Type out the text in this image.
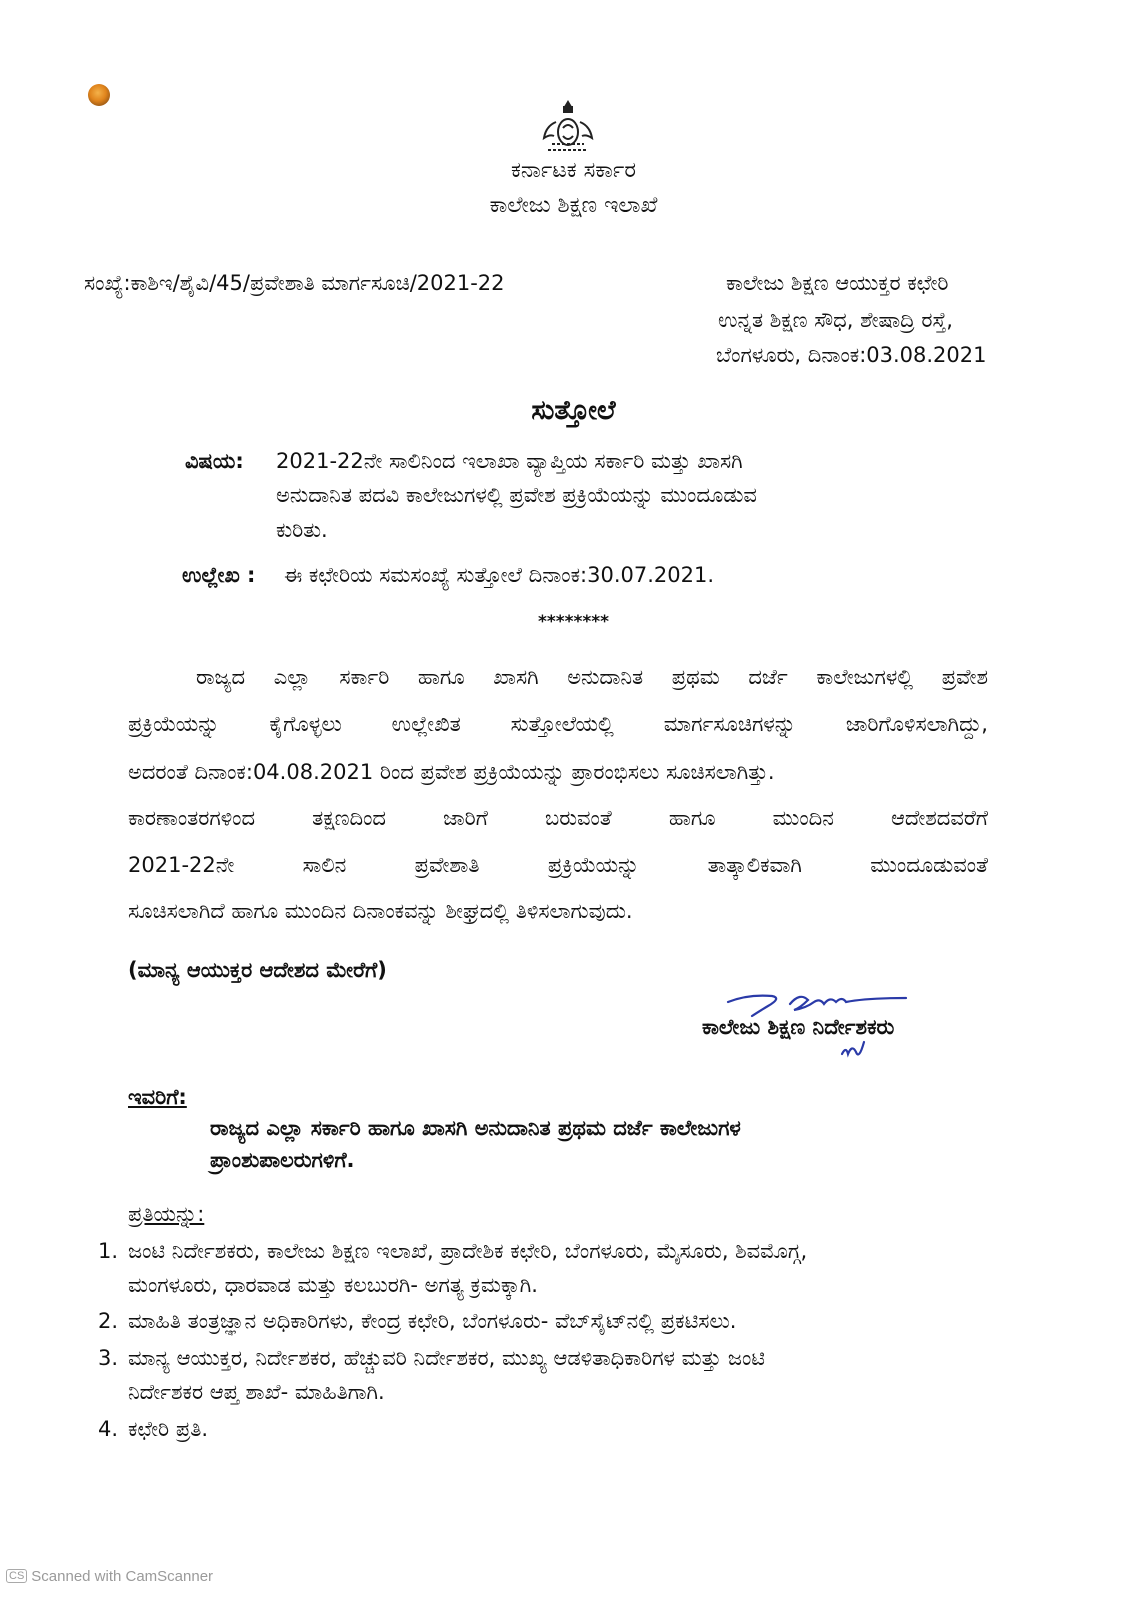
ಕರ್ನಾಟಕ ಸರ್ಕಾರ
ಕಾಲೇಜು ಶಿಕ್ಷಣ ಇಲಾಖೆ
ಸಂಖ್ಯೆ:ಕಾಶಿಇ/ಶೈವಿ/45/ಪ್ರವೇಶಾತಿ ಮಾರ್ಗಸೂಚಿ/2021-22	ಕಾಲೇಜು ಶಿಕ್ಷಣ ಆಯುಕ್ತರ ಕಛೇರಿ
ಉನ್ನತ ಶಿಕ್ಷಣ ಸೌಧ, ಶೇಷಾದ್ರಿ ರಸ್ತೆ,
ಬೆಂಗಳೂರು, ದಿನಾಂಕ:03.08.2021
ಸುತ್ತೋಲೆ
ವಿಷಯ: 2021-22ನೇ ಸಾಲಿನಿಂದ ಇಲಾಖಾ ವ್ಯಾಪ್ತಿಯ ಸರ್ಕಾರಿ ಮತ್ತು ಖಾಸಗಿ
ಅನುದಾನಿತ ಪದವಿ ಕಾಲೇಜುಗಳಲ್ಲಿ ಪ್ರವೇಶ ಪ್ರಕ್ರಿಯೆಯನ್ನು ಮುಂದೂಡುವ
ಕುರಿತು.
ಉಲ್ಲೇಖ : ಈ ಕಛೇರಿಯ ಸಮಸಂಖ್ಯೆ ಸುತ್ತೋಲೆ ದಿನಾಂಕ:30.07.2021.
********
ರಾಜ್ಯದ ಎಲ್ಲಾ ಸರ್ಕಾರಿ ಹಾಗೂ ಖಾಸಗಿ ಅನುದಾನಿತ ಪ್ರಥಮ ದರ್ಜೆ ಕಾಲೇಜುಗಳಲ್ಲಿ ಪ್ರವೇಶ
ಪ್ರಕ್ರಿಯೆಯನ್ನು ಕೈಗೊಳ್ಳಲು ಉಲ್ಲೇಖಿತ ಸುತ್ತೋಲೆಯಲ್ಲಿ ಮಾರ್ಗಸೂಚಿಗಳನ್ನು ಜಾರಿಗೊಳಿಸಲಾಗಿದ್ದು,
ಅದರಂತೆ ದಿನಾಂಕ:04.08.2021 ರಿಂದ ಪ್ರವೇಶ ಪ್ರಕ್ರಿಯೆಯನ್ನು ಪ್ರಾರಂಭಿಸಲು ಸೂಚಿಸಲಾಗಿತ್ತು.
ಕಾರಣಾಂತರಗಳಿಂದ ತಕ್ಷಣದಿಂದ ಜಾರಿಗೆ ಬರುವಂತೆ ಹಾಗೂ ಮುಂದಿನ ಆದೇಶದವರೆಗೆ
2021-22ನೇ ಸಾಲಿನ ಪ್ರವೇಶಾತಿ ಪ್ರಕ್ರಿಯೆಯನ್ನು ತಾತ್ಕಾಲಿಕವಾಗಿ ಮುಂದೂಡುವಂತೆ
ಸೂಚಿಸಲಾಗಿದೆ ಹಾಗೂ ಮುಂದಿನ ದಿನಾಂಕವನ್ನು ಶೀಘ್ರದಲ್ಲಿ ತಿಳಿಸಲಾಗುವುದು.
(ಮಾನ್ಯ ಆಯುಕ್ತರ ಆದೇಶದ ಮೇರೆಗೆ)
ಕಾಲೇಜು ಶಿಕ್ಷಣ ನಿರ್ದೇಶಕರು
ಇವರಿಗೆ:
ರಾಜ್ಯದ ಎಲ್ಲಾ ಸರ್ಕಾರಿ ಹಾಗೂ ಖಾಸಗಿ ಅನುದಾನಿತ ಪ್ರಥಮ ದರ್ಜೆ ಕಾಲೇಜುಗಳ
ಪ್ರಾಂಶುಪಾಲರುಗಳಿಗೆ.
ಪ್ರತಿಯನ್ನು:
1. ಜಂಟಿ ನಿರ್ದೇಶಕರು, ಕಾಲೇಜು ಶಿಕ್ಷಣ ಇಲಾಖೆ, ಪ್ರಾದೇಶಿಕ ಕಛೇರಿ, ಬೆಂಗಳೂರು, ಮೈಸೂರು, ಶಿವಮೊಗ್ಗ,
ಮಂಗಳೂರು, ಧಾರವಾಡ ಮತ್ತು ಕಲಬುರಗಿ- ಅಗತ್ಯ ಕ್ರಮಕ್ಕಾಗಿ.
2. ಮಾಹಿತಿ ತಂತ್ರಜ್ಞಾನ ಅಧಿಕಾರಿಗಳು, ಕೇಂದ್ರ ಕಛೇರಿ, ಬೆಂಗಳೂರು- ವೆಬ್‌ಸೈಟ್‌ನಲ್ಲಿ ಪ್ರಕಟಿಸಲು.
3. ಮಾನ್ಯ ಆಯುಕ್ತರ, ನಿರ್ದೇಶಕರ, ಹೆಚ್ಚುವರಿ ನಿರ್ದೇಶಕರ, ಮುಖ್ಯ ಆಡಳಿತಾಧಿಕಾರಿಗಳ ಮತ್ತು ಜಂಟಿ
ನಿರ್ದೇಶಕರ ಆಪ್ತ ಶಾಖೆ- ಮಾಹಿತಿಗಾಗಿ.
4. ಕಛೇರಿ ಪ್ರತಿ.
CS Scanned with CamScanner
